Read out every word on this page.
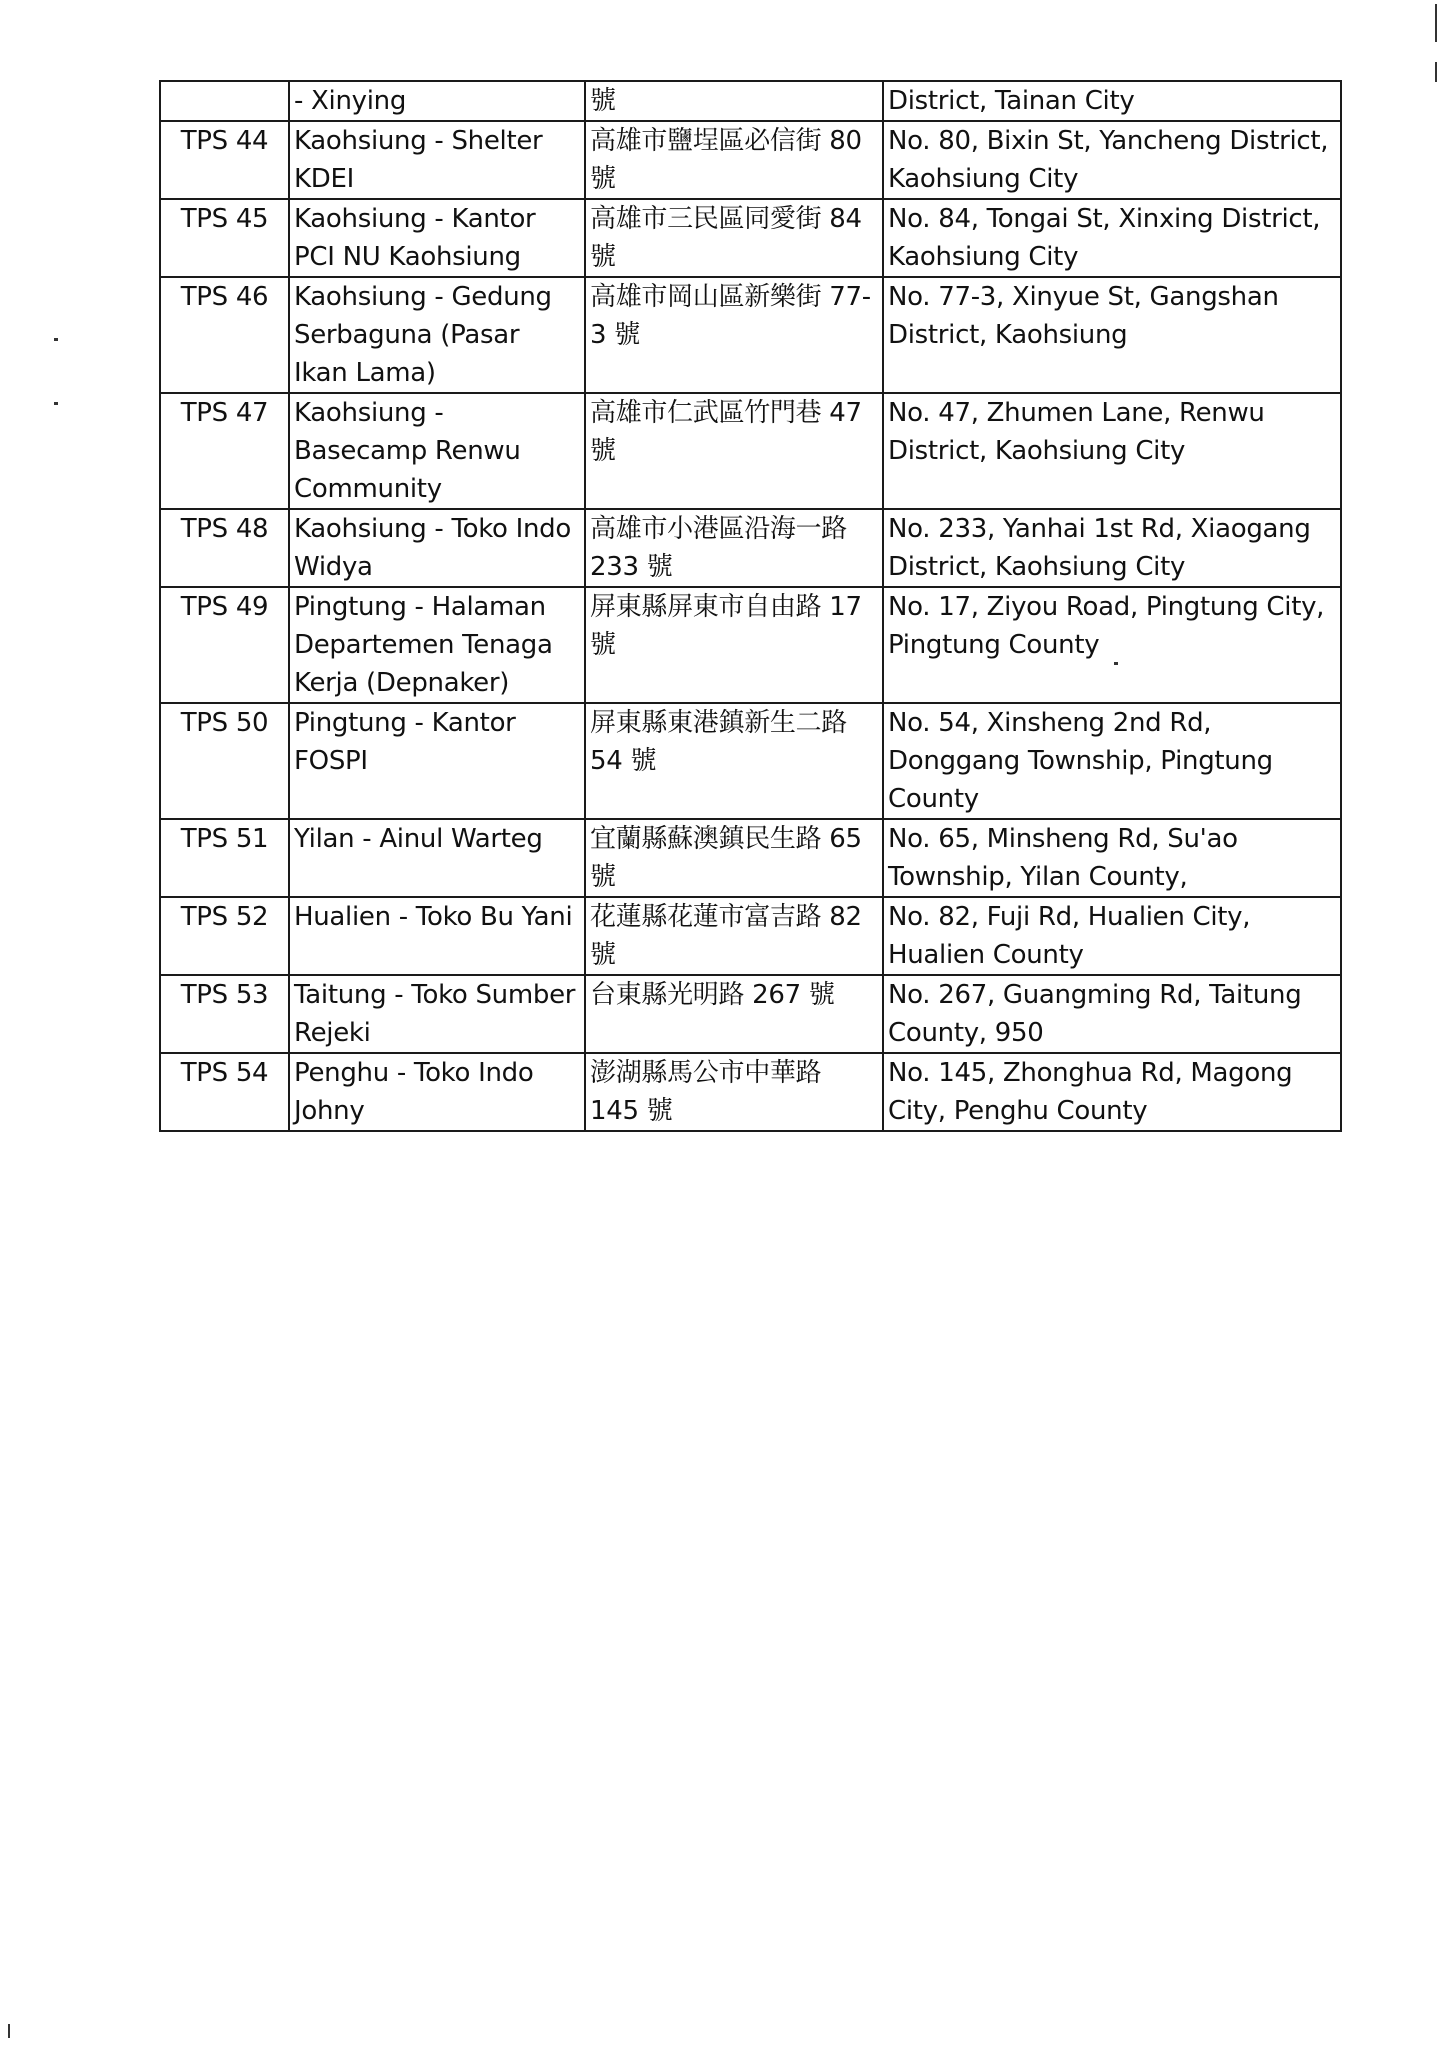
	- Xinying	號	District, Tainan City
TPS 44	Kaohsiung - Shelter KDEI	高雄市鹽埕區必信街 80 號	No. 80, Bixin St, Yancheng District, Kaohsiung City
TPS 45	Kaohsiung - Kantor PCI NU Kaohsiung	高雄市三民區同愛街 84 號	No. 84, Tongai St, Xinxing District, Kaohsiung City
TPS 46	Kaohsiung - Gedung Serbaguna (Pasar Ikan Lama)	高雄市岡山區新樂街 77-3 號	No. 77-3, Xinyue St, Gangshan District, Kaohsiung
TPS 47	Kaohsiung - Basecamp Renwu Community	高雄市仁武區竹門巷 47 號	No. 47, Zhumen Lane, Renwu District, Kaohsiung City
TPS 48	Kaohsiung - Toko Indo Widya	高雄市小港區沿海一路 233 號	No. 233, Yanhai 1st Rd, Xiaogang District, Kaohsiung City
TPS 49	Pingtung - Halaman Departemen Tenaga Kerja (Depnaker)	屏東縣屏東市自由路 17 號	No. 17, Ziyou Road, Pingtung City, Pingtung County
TPS 50	Pingtung - Kantor FOSPI	屏東縣東港鎮新生二路 54 號	No. 54, Xinsheng 2nd Rd, Donggang Township, Pingtung County
TPS 51	Yilan - Ainul Warteg	宜蘭縣蘇澳鎮民生路 65 號	No. 65, Minsheng Rd, Su'ao Township, Yilan County,
TPS 52	Hualien - Toko Bu Yani	花蓮縣花蓮市富吉路 82 號	No. 82, Fuji Rd, Hualien City, Hualien County
TPS 53	Taitung - Toko Sumber Rejeki	台東縣光明路 267 號	No. 267, Guangming Rd, Taitung County, 950
TPS 54	Penghu - Toko Indo Johny	澎湖縣馬公市中華路 145 號	No. 145, Zhonghua Rd, Magong City, Penghu County
